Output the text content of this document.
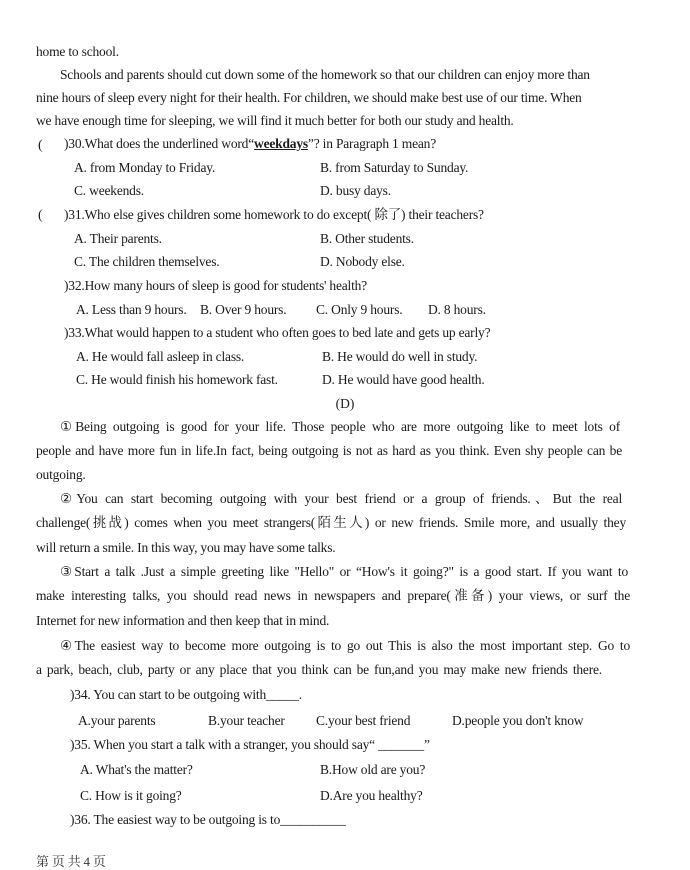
home to school.
Schools and parents should cut down some of the homework so that our children can enjoy more than
nine hours of sleep every night for their health. For children, we should make best use of our time. When
we have enough time for sleeping, we will find it much better for both our study and health.
( )30.What does the underlined word“weekdays”? in Paragraph 1 mean?
A. from Monday to Friday.	B. from Saturday to Sunday.
C. weekends.	D. busy days.
( )31.Who else gives children some homework to do except( 除了) their teachers?
A. Their parents.	B. Other students.
C. The children themselves.	D. Nobody else.
)32.How many hours of sleep is good for students' health?
A. Less than 9 hours. B. Over 9 hours. C. Only 9 hours. D. 8 hours.
)33.What would happen to a student who often goes to bed late and gets up early?
A. He would fall asleep in class.	B. He would do well in study.
C. He would finish his homework fast.	D. He would have good health.
(D)
①Being outgoing is good for your life. Those people who are more outgoing like to meet lots of
people and have more fun in life.In fact, being outgoing is not as hard as you think. Even shy people can be
outgoing.
②You can start becoming outgoing with your best friend or a group of friends.、But the real
challenge(挑战) comes when you meet strangers(陌生人) or new friends. Smile more, and usually they
will return a smile. In this way, you may have some talks.
③Start a talk .Just a simple greeting like "Hello" or “How's it going?" is a good start. If you want to
make interesting talks, you should read news in newspapers and prepare(准备) your views, or surf the
Internet for new information and then keep that in mind.
④The easiest way to become more outgoing is to go out This is also the most important step. Go to
a park, beach, club, party or any place that you think can be fun,and you may make new friends there.
)34. You can start to be outgoing with_____.
A.your parents	B.your teacher C.your best friend	D.people you don't know
)35. When you start a talk with a stranger, you should say“ _______”
A. What's the matter?	B.How old are you?
C. How is it going?	D.Are you healthy?
)36. The easiest way to be outgoing is to__________
第 页 共 4 页
